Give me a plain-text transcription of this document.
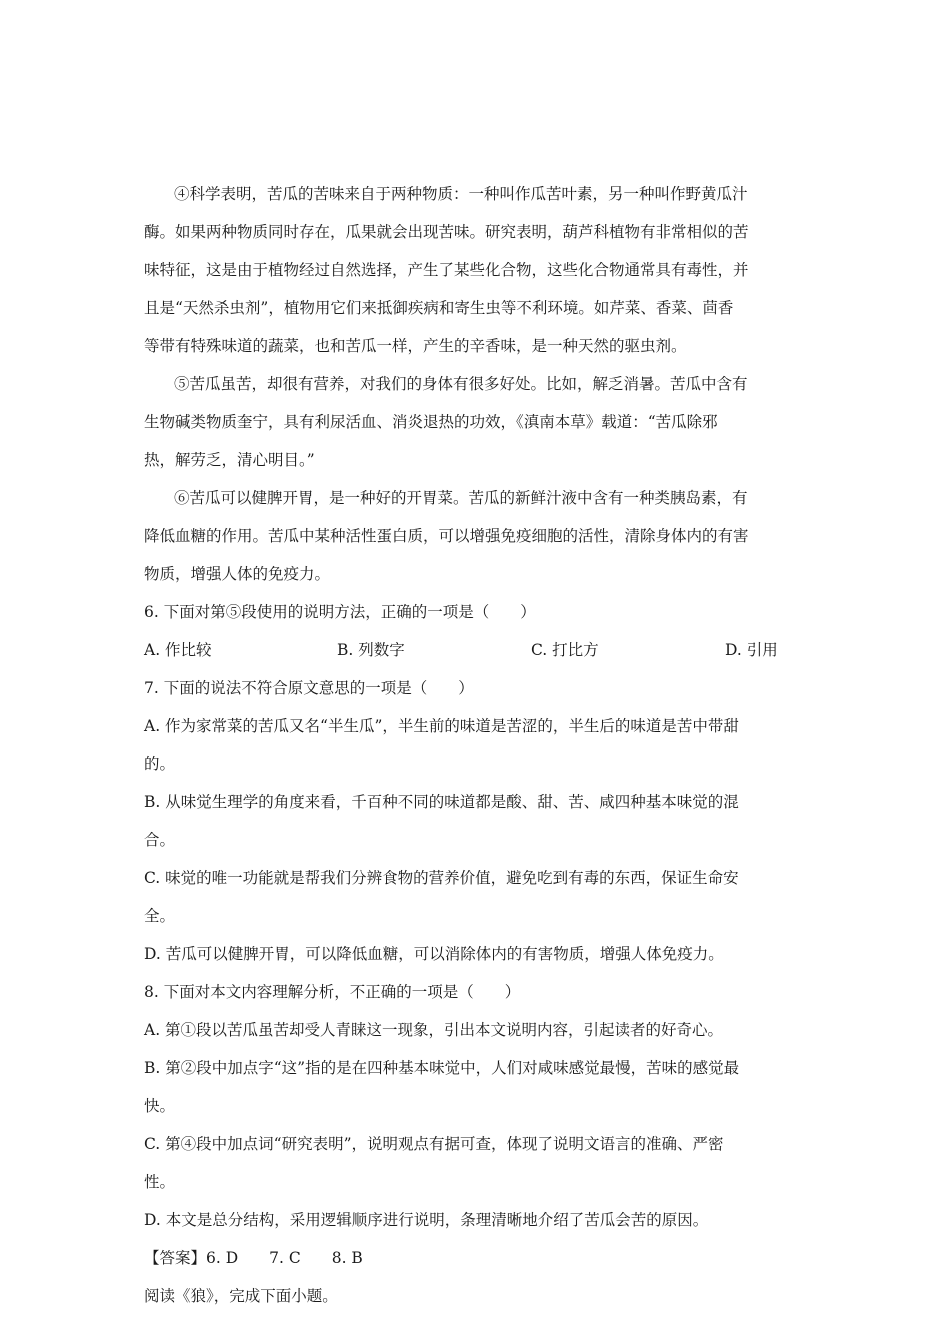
④科学表明，苦瓜的苦味来自于两种物质：一种叫作瓜苦叶素，另一种叫作野黄瓜汁
酶。如果两种物质同时存在，瓜果就会出现苦味。研究表明，葫芦科植物有非常相似的苦
味特征，这是由于植物经过自然选择，产生了某些化合物，这些化合物通常具有毒性，并
且是“天然杀虫剂”，植物用它们来抵御疾病和寄生虫等不利环境。如芹菜、香菜、茴香
等带有特殊味道的蔬菜，也和苦瓜一样，产生的辛香味，是一种天然的驱虫剂。
⑤苦瓜虽苦，却很有营养，对我们的身体有很多好处。比如，解乏消暑。苦瓜中含有
生物碱类物质奎宁，具有利尿活血、消炎退热的功效，《滇南本草》载道：“苦瓜除邪
热，解劳乏，清心明目。”
⑥苦瓜可以健脾开胃，是一种好的开胃菜。苦瓜的新鲜汁液中含有一种类胰岛素，有
降低血糖的作用。苦瓜中某种活性蛋白质，可以增强免疫细胞的活性，清除身体内的有害
物质，增强人体的免疫力。
6. 下面对第⑤段使用的说明方法，正确的一项是（　　）
A. 作比较	B. 列数字	C. 打比方	D. 引用
7. 下面的说法不符合原文意思的一项是（　　）
A. 作为家常菜的苦瓜又名“半生瓜”，半生前的味道是苦涩的，半生后的味道是苦中带甜
的。
B. 从味觉生理学的角度来看，千百种不同的味道都是酸、甜、苦、咸四种基本味觉的混
合。
C. 味觉的唯一功能就是帮我们分辨食物的营养价值，避免吃到有毒的东西，保证生命安
全。
D. 苦瓜可以健脾开胃，可以降低血糖，可以消除体内的有害物质，增强人体免疫力。
8. 下面对本文内容理解分析，不正确的一项是（　　）
A. 第①段以苦瓜虽苦却受人青睐这一现象，引出本文说明内容，引起读者的好奇心。
B. 第②段中加点字“这”指的是在四种基本味觉中，人们对咸味感觉最慢，苦味的感觉最
快。
C. 第④段中加点词“研究表明”，说明观点有据可查，体现了说明文语言的准确、严密
性。
D. 本文是总分结构，采用逻辑顺序进行说明，条理清晰地介绍了苦瓜会苦的原因。
【答案】6. D　　7. C　　8. B
阅读《狼》，完成下面小题。
